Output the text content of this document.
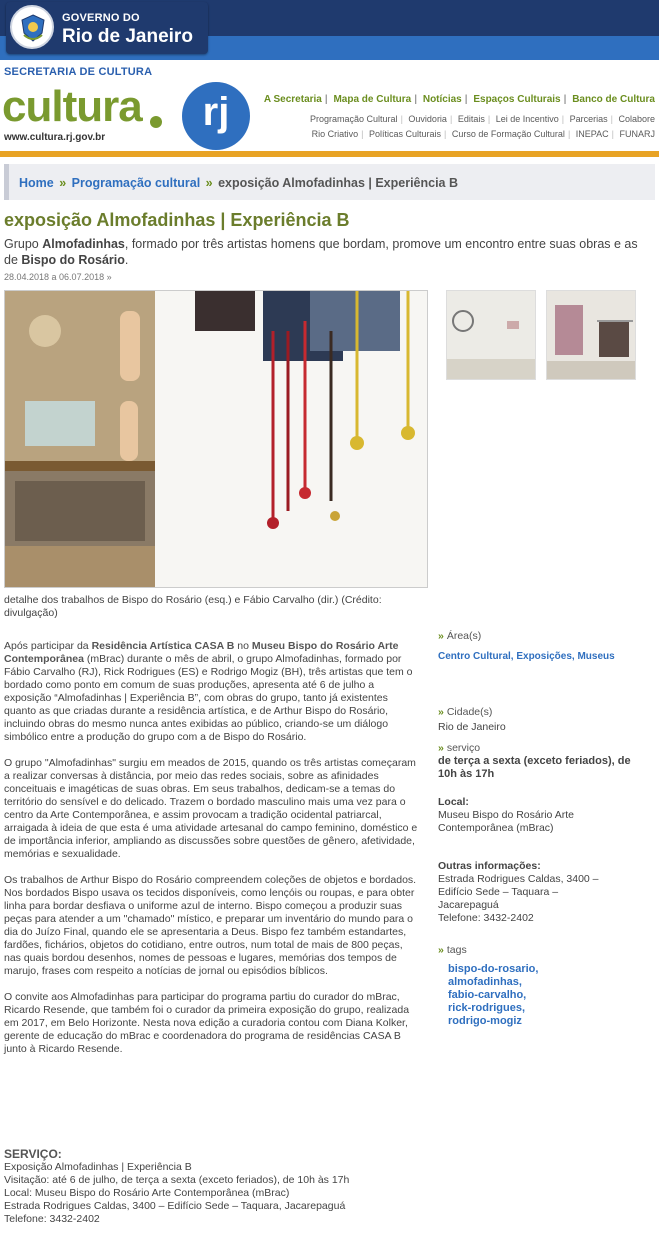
GOVERNO DO
Rio de Janeiro
SECRETARIA DE CULTURA
cultura	rj
www.cultura.rj.gov.br
A Secretaria | Mapa de Cultura | Notícias | Espaços Culturais | Banco de Cultura
Programação Cultural | Ouvidoria | Editais | Lei de Incentivo | Parcerias | Colabore
Rio Criativo | Políticas Culturais | Curso de Formação Cultural | INEPAC | FUNARJ
Home » Programação cultural » exposição Almofadinhas | Experiência B
exposição Almofadinhas | Experiência B
Grupo Almofadinhas, formado por três artistas homens que bordam, promove um encontro entre suas obras e as de Bispo do Rosário.
28.04.2018 a 06.07.2018 »
detalhe dos trabalhos de Bispo do Rosário (esq.) e Fábio Carvalho (dir.) (Crédito: divulgação)

Após participar da Residência Artística CASA B no Museu Bispo do Rosário Arte Contemporânea (mBrac) durante o mês de abril, o grupo Almofadinhas, formado por Fábio Carvalho (RJ), Rick Rodrigues (ES) e Rodrigo Mogiz (BH), três artistas que tem o bordado como ponto em comum de suas produções, apresenta até 6 de julho a exposição “Almofadinhas | Experiência B”, com obras do grupo, tanto já existentes quanto as que criadas durante a residência artística, e de Arthur Bispo do Rosário, incluindo obras do mesmo nunca antes exibidas ao público, criando-se um diálogo simbólico entre a produção do grupo com a de Bispo do Rosário.

O grupo "Almofadinhas" surgiu em meados de 2015, quando os três artistas começaram a realizar conversas à distância, por meio das redes sociais, sobre as afinidades conceituais e imagéticas de suas obras. Em seus trabalhos, dedicam-se a temas do território do sensível e do delicado. Trazem o bordado masculino mais uma vez para o centro da Arte Contemporânea, e assim provocam a tradição ocidental patriarcal, arraigada à ideia de que esta é uma atividade artesanal do campo feminino, doméstico e de importância inferior, ampliando as discussões sobre questões de gênero, afetividade, memórias e sexualidade.

Os trabalhos de Arthur Bispo do Rosário compreendem coleções de objetos e bordados. Nos bordados Bispo usava os tecidos disponíveis, como lençóis ou roupas, e para obter linha para bordar desfiava o uniforme azul de interno. Bispo começou a produzir suas peças para atender a um "chamado" místico, e preparar um inventário do mundo para o dia do Juízo Final, quando ele se apresentaria a Deus. Bispo fez também estandartes, fardões, fichários, objetos do cotidiano, entre outros, num total de mais de 800 peças, nas quais bordou desenhos, nomes de pessoas e lugares, memórias dos tempos de marujo, frases com respeito a notícias de jornal ou episódios bíblicos.

O convite aos Almofadinhas para participar do programa partiu do curador do mBrac, Ricardo Resende, que também foi o curador da primeira exposição do grupo, realizada em 2017, em Belo Horizonte. Nesta nova edição a curadoria contou com Diana Kolker, gerente de educação do mBrac e coordenadora do programa de residências CASA B junto à Ricardo Resende.

SERVIÇO:
Exposição Almofadinhas | Experiência B
Visitação: até 6 de julho, de terça a sexta (exceto feriados), de 10h às 17h
Local: Museu Bispo do Rosário Arte Contemporânea (mBrac)
Estrada Rodrigues Caldas, 3400 – Edifício Sede – Taquara, Jacarepaguá
Telefone: 3432-2402
» Área(s)
Centro Cultural, Exposições, Museus
» Cidade(s)
Rio de Janeiro
» serviço
de terça a sexta (exceto feriados), de 10h às 17h
Local:
Museu Bispo do Rosário Arte Contemporânea (mBrac)
Outras informações:
Estrada Rodrigues Caldas, 3400 –
Edifício Sede – Taquara –
Jacarepaguá
Telefone: 3432-2402
» tags
bispo-do-rosario,
almofadinhas,
fabio-carvalho,
rick-rodrigues,
rodrigo-mogiz
